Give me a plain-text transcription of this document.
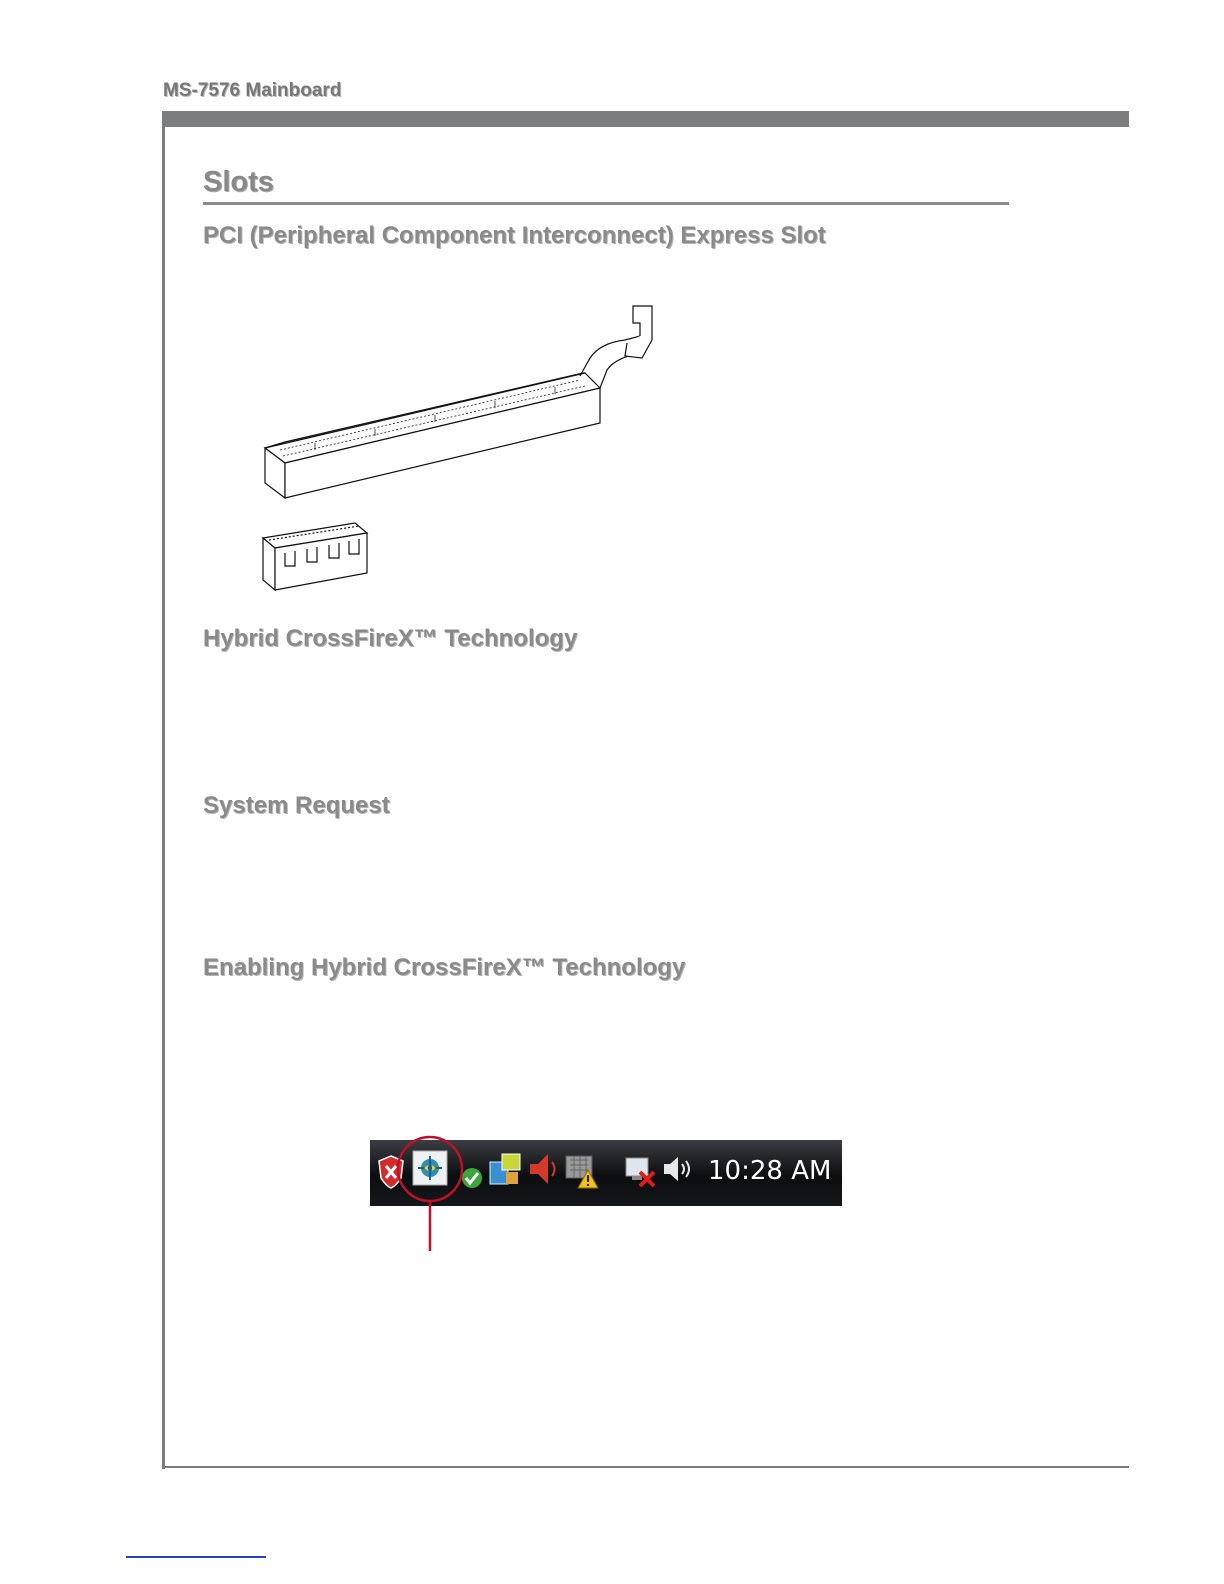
MS-7576 Mainboard
Slots
PCI (Peripheral Component Interconnect) Express Slot
Hybrid CrossFireX™ Technology
System Request
Enabling Hybrid CrossFireX™ Technology
10:28 AM
